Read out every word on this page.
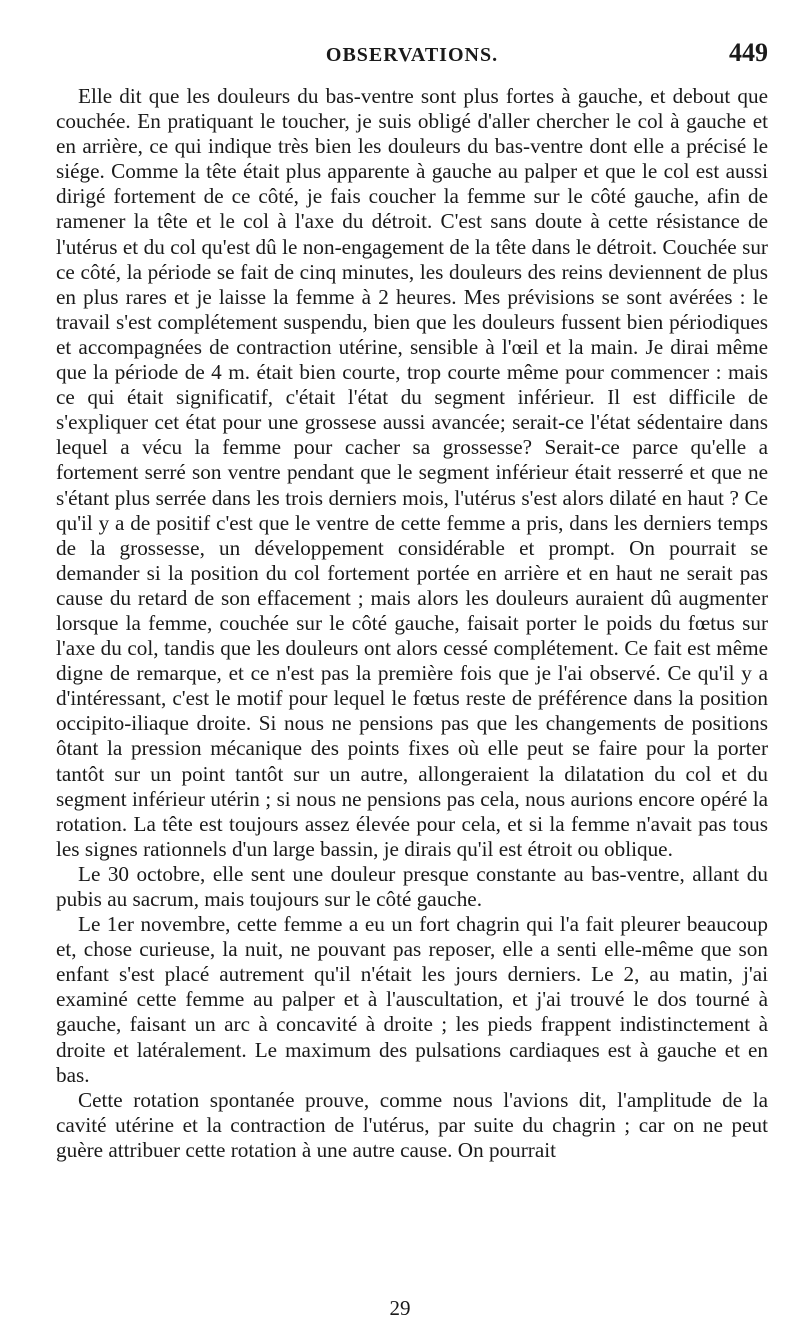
OBSERVATIONS.	449

Elle dit que les douleurs du bas-ventre sont plus fortes à gauche, et debout que couchée. En pratiquant le toucher, je suis obligé d'aller chercher le col à gauche et en arrière, ce qui indique très bien les douleurs du bas-ventre dont elle a précisé le siége. Comme la tête était plus apparente à gauche au palper et que le col est aussi dirigé fortement de ce côté, je fais coucher la femme sur le côté gauche, afin de ramener la tête et le col à l'axe du détroit. C'est sans doute à cette résistance de l'utérus et du col qu'est dû le non-engagement de la tête dans le détroit. Couchée sur ce côté, la période se fait de cinq minutes, les douleurs des reins deviennent de plus en plus rares et je laisse la femme à 2 heures. Mes prévisions se sont avérées : le travail s'est complétement suspendu, bien que les douleurs fussent bien périodiques et accompagnées de contraction utérine, sensible à l'œil et la main. Je dirai même que la période de 4 m. était bien courte, trop courte même pour commencer : mais ce qui était significatif, c'était l'état du segment inférieur. Il est difficile de s'expliquer cet état pour une grossese aussi avancée; serait-ce l'état sédentaire dans lequel a vécu la femme pour cacher sa grossesse? Serait-ce parce qu'elle a fortement serré son ventre pendant que le segment inférieur était resserré et que ne s'étant plus serrée dans les trois derniers mois, l'utérus s'est alors dilaté en haut ? Ce qu'il y a de positif c'est que le ventre de cette femme a pris, dans les derniers temps de la grossesse, un développement considérable et prompt. On pourrait se demander si la position du col fortement portée en arrière et en haut ne serait pas cause du retard de son effacement ; mais alors les douleurs auraient dû augmenter lorsque la femme, couchée sur le côté gauche, faisait porter le poids du fœtus sur l'axe du col, tandis que les douleurs ont alors cessé complétement. Ce fait est même digne de remarque, et ce n'est pas la première fois que je l'ai observé. Ce qu'il y a d'intéressant, c'est le motif pour lequel le fœtus reste de préférence dans la position occipito-iliaque droite. Si nous ne pensions pas que les changements de positions ôtant la pression mécanique des points fixes où elle peut se faire pour la porter tantôt sur un point tantôt sur un autre, allongeraient la dilatation du col et du segment inférieur utérin ; si nous ne pensions pas cela, nous aurions encore opéré la rotation. La tête est toujours assez élevée pour cela, et si la femme n'avait pas tous les signes rationnels d'un large bassin, je dirais qu'il est étroit ou oblique.

Le 30 octobre, elle sent une douleur presque constante au bas-ventre, allant du pubis au sacrum, mais toujours sur le côté gauche.

Le 1er novembre, cette femme a eu un fort chagrin qui l'a fait pleurer beaucoup et, chose curieuse, la nuit, ne pouvant pas reposer, elle a senti elle-même que son enfant s'est placé autrement qu'il n'était les jours derniers. Le 2, au matin, j'ai examiné cette femme au palper et à l'auscultation, et j'ai trouvé le dos tourné à gauche, faisant un arc à concavité à droite ; les pieds frappent indistinctement à droite et latéralement. Le maximum des pulsations cardiaques est à gauche et en bas.

Cette rotation spontanée prouve, comme nous l'avions dit, l'amplitude de la cavité utérine et la contraction de l'utérus, par suite du chagrin ; car on ne peut guère attribuer cette rotation à une autre cause. On pourrait

29
